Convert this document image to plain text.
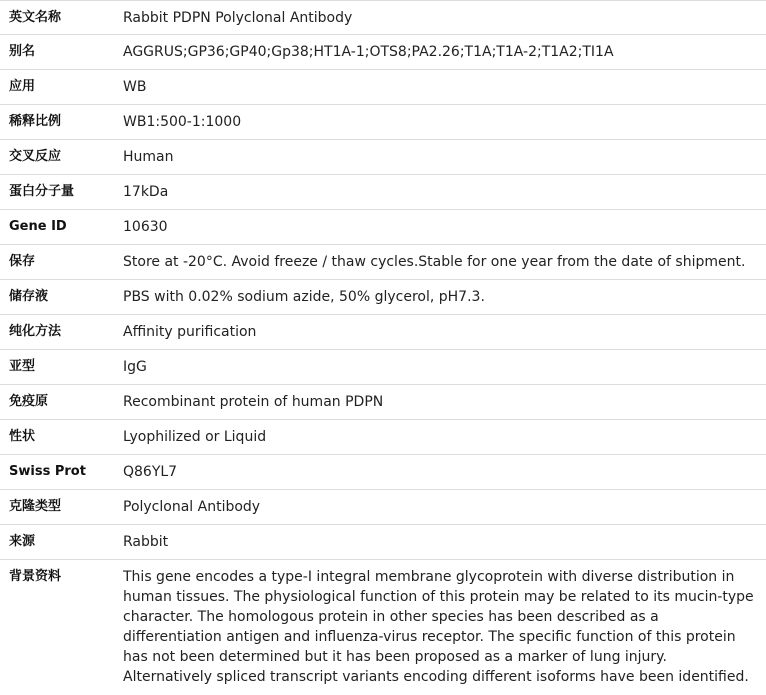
英文名称	Rabbit PDPN Polyclonal Antibody
别名	AGGRUS;GP36;GP40;Gp38;HT1A-1;OTS8;PA2.26;T1A;T1A-2;T1A2;TI1A
应用	WB
稀释比例	WB1:500-1:1000
交叉反应	Human
蛋白分子量	17kDa
Gene ID	10630
保存	Store at -20°C. Avoid freeze / thaw cycles.Stable for one year from the date of shipment.
储存液	PBS with 0.02% sodium azide, 50% glycerol, pH7.3.
纯化方法	Affinity purification
亚型	IgG
免疫原	Recombinant protein of human PDPN
性状	Lyophilized or Liquid
Swiss Prot	Q86YL7
克隆类型	Polyclonal Antibody
来源	Rabbit
背景资料	This gene encodes a type-I integral membrane glycoprotein with diverse distribution in human tissues. The physiological function of this protein may be related to its mucin-type character. The homologous protein in other species has been described as a differentiation antigen and influenza-virus receptor. The specific function of this protein has not been determined but it has been proposed as a marker of lung injury. Alternatively spliced transcript variants encoding different isoforms have been identified.
